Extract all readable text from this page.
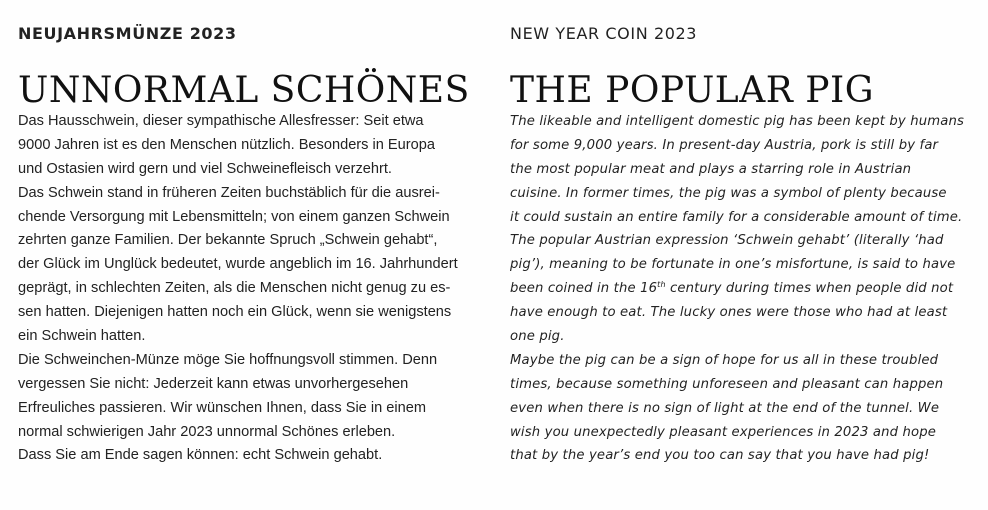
NEUJAHRSMÜNZE 2023
UNNORMAL SCHÖNES
Das Hausschwein, dieser sympathische Allesfresser: Seit etwa
9000 Jahren ist es den Menschen nützlich. Besonders in Europa
und Ostasien wird gern und viel Schweinefleisch verzehrt.
Das Schwein stand in früheren Zeiten buchstäblich für die ausrei-
chende Versorgung mit Lebensmitteln; von einem ganzen Schwein
zehrten ganze Familien. Der bekannte Spruch „Schwein gehabt“,
der Glück im Unglück bedeutet, wurde angeblich im 16. Jahrhundert
geprägt, in schlechten Zeiten, als die Menschen nicht genug zu es-
sen hatten. Diejenigen hatten noch ein Glück, wenn sie wenigstens
ein Schwein hatten.
Die Schweinchen-Münze möge Sie hoffnungsvoll stimmen. Denn
vergessen Sie nicht: Jederzeit kann etwas unvorhergesehen
Erfreuliches passieren. Wir wünschen Ihnen, dass Sie in einem
normal schwierigen Jahr 2023 unnormal Schönes erleben.
Dass Sie am Ende sagen können: echt Schwein gehabt.
NEW YEAR COIN 2023
THE POPULAR PIG
The likeable and intelligent domestic pig has been kept by humans
for some 9,000 years. In present-day Austria, pork is still by far
the most popular meat and plays a starring role in Austrian
cuisine. In former times, the pig was a symbol of plenty because
it could sustain an entire family for a considerable amount of time.
The popular Austrian expression ‘Schwein gehabt’ (literally ‘had
pig’), meaning to be fortunate in one’s misfortune, is said to have
been coined in the 16th century during times when people did not
have enough to eat. The lucky ones were those who had at least
one pig.
Maybe the pig can be a sign of hope for us all in these troubled
times, because something unforeseen and pleasant can happen
even when there is no sign of light at the end of the tunnel. We
wish you unexpectedly pleasant experiences in 2023 and hope
that by the year’s end you too can say that you have had pig!
